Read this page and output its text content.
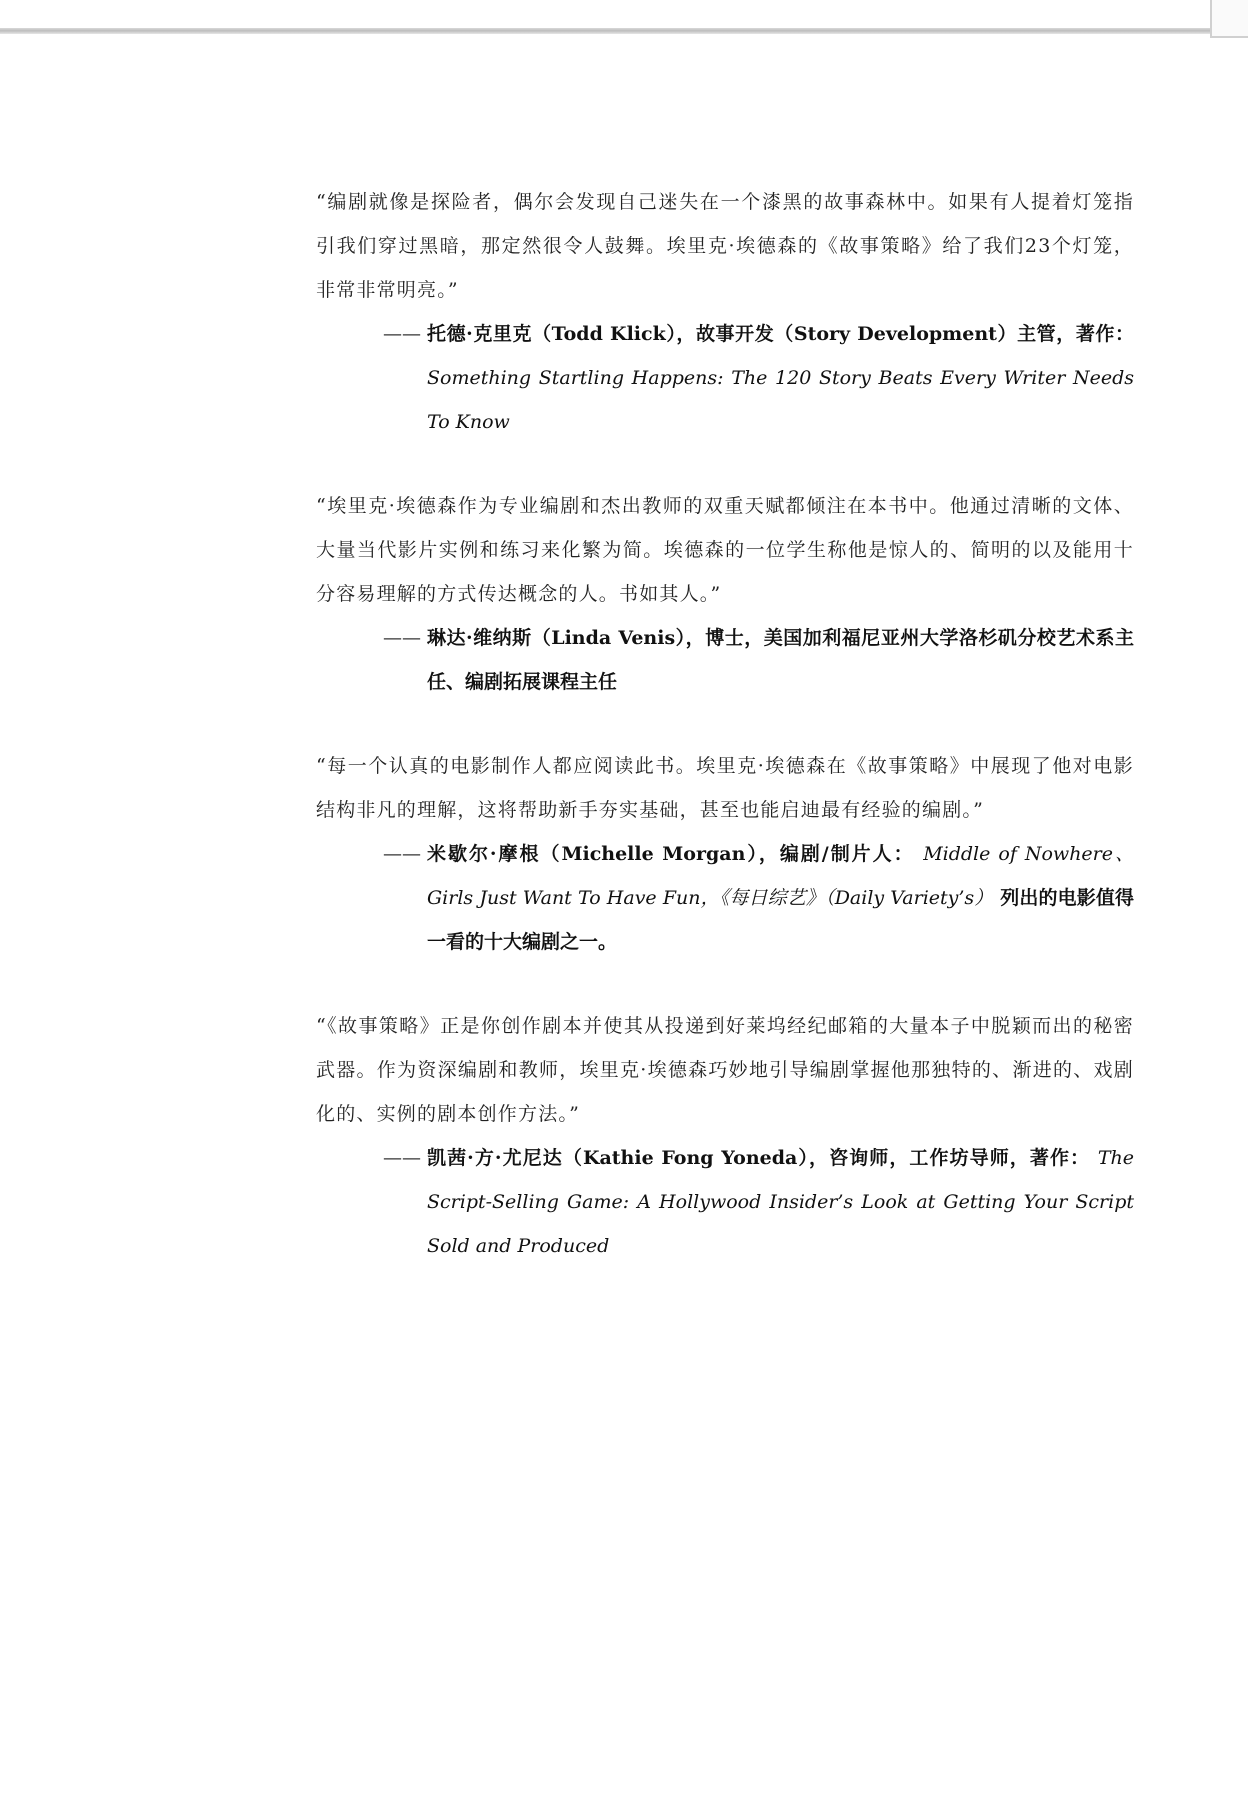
“编剧就像是探险者，偶尔会发现自己迷失在一个漆黑的故事森林中。如果有人提着灯笼指引我们穿过黑暗，那定然很令人鼓舞。埃里克·埃德森的《故事策略》给了我们23个灯笼，非常非常明亮。”

—— 托德·克里克（Todd Klick），故事开发（Story Development）主管，著作： Something Startling Happens: The 120 Story Beats Every Writer Needs To Know

“埃里克·埃德森作为专业编剧和杰出教师的双重天赋都倾注在本书中。他通过清晰的文体、大量当代影片实例和练习来化繁为简。埃德森的一位学生称他是惊人的、简明的以及能用十分容易理解的方式传达概念的人。书如其人。”

—— 琳达·维纳斯（Linda Venis），博士，美国加利福尼亚州大学洛杉矶分校艺术系主任、编剧拓展课程主任

“每一个认真的电影制作人都应阅读此书。埃里克·埃德森在《故事策略》中展现了他对电影结构非凡的理解，这将帮助新手夯实基础，甚至也能启迪最有经验的编剧。”

—— 米歇尔·摩根（Michelle Morgan），编剧/制片人： Middle of Nowhere、Girls Just Want To Have Fun，《每日综艺》（Daily Variety’s） 列出的电影值得一看的十大编剧之一。

“《故事策略》正是你创作剧本并使其从投递到好莱坞经纪邮箱的大量本子中脱颖而出的秘密武器。作为资深编剧和教师，埃里克·埃德森巧妙地引导编剧掌握他那独特的、渐进的、戏剧化的、实例的剧本创作方法。”

—— 凯茜·方·尤尼达（Kathie Fong Yoneda），咨询师，工作坊导师，著作： The Script-Selling Game: A Hollywood Insider’s Look at Getting Your Script Sold and Produced
